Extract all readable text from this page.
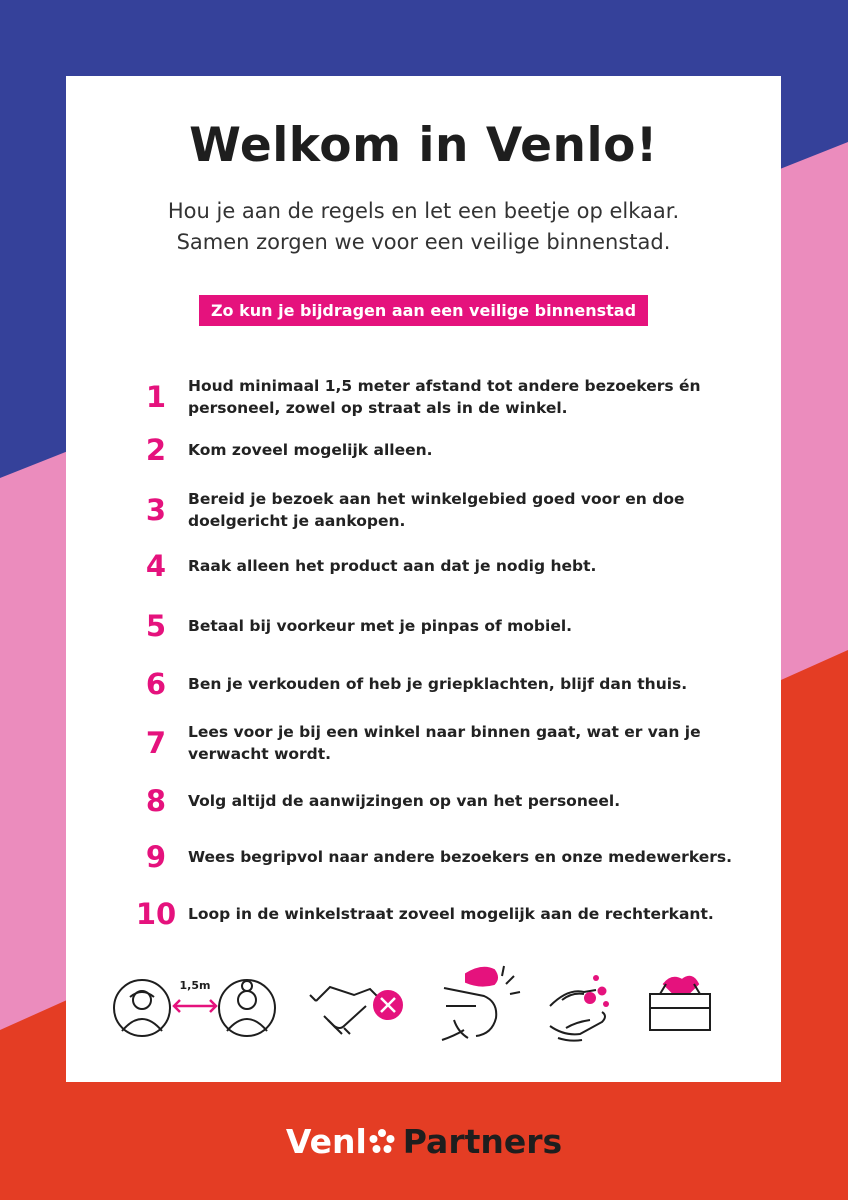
Welkom in Venlo!
Hou je aan de regels en let een beetje op elkaar.
Samen zorgen we voor een veilige binnenstad.
Zo kun je bijdragen aan een veilige binnenstad
1	Houd minimaal 1,5 meter afstand tot andere bezoekers én personeel, zowel op straat als in de winkel.
2	Kom zoveel mogelijk alleen.
3	Bereid je bezoek aan het winkelgebied goed voor en doe doelgericht je aankopen.
4	Raak alleen het product aan dat je nodig hebt.
5	Betaal bij voorkeur met je pinpas of mobiel.
6	Ben je verkouden of heb je griepklachten, blijf dan thuis.
7	Lees voor je bij een winkel naar binnen gaat, wat er van je verwacht wordt.
8	Volg altijd de aanwijzingen op van het personeel.
9	Wees begripvol naar andere bezoekers en onze medewerkers.
10 Loop in de winkelstraat zoveel mogelijk aan de rechterkant.
1,5m
Venl Partners
